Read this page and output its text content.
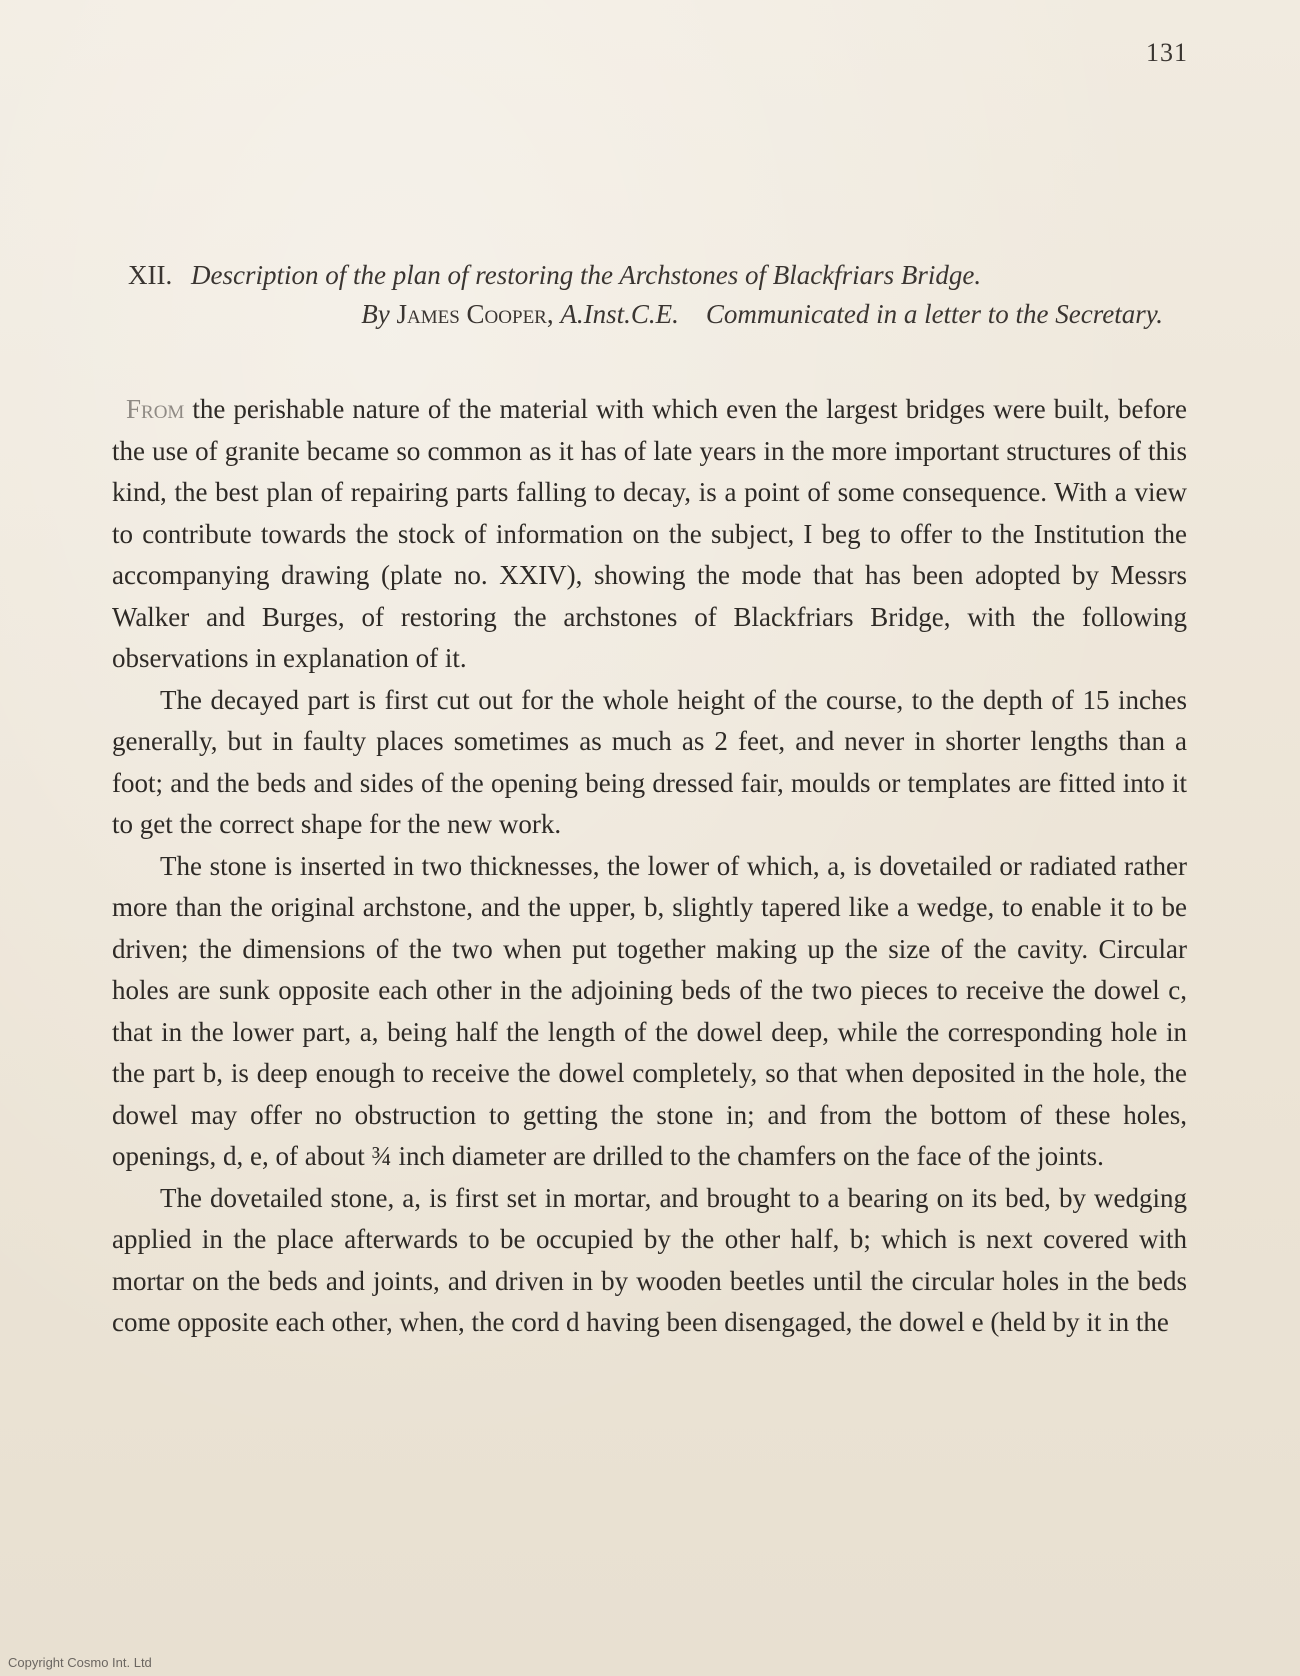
131
XII. Description of the plan of restoring the Archstones of Blackfriars Bridge.
By James Cooper, A.Inst.C.E. Communicated in a letter to the Secretary.

From the perishable nature of the material with which even the largest bridges were built, before the use of granite became so common as it has of late years in the more important structures of this kind, the best plan of repairing parts falling to decay, is a point of some consequence. With a view to contribute towards the stock of information on the subject, I beg to offer to the Institution the accompanying drawing (plate no. XXIV), showing the mode that has been adopted by Messrs Walker and Burges, of restoring the archstones of Blackfriars Bridge, with the following observations in explanation of it.

The decayed part is first cut out for the whole height of the course, to the depth of 15 inches generally, but in faulty places sometimes as much as 2 feet, and never in shorter lengths than a foot; and the beds and sides of the opening being dressed fair, moulds or templates are fitted into it to get the correct shape for the new work.

The stone is inserted in two thicknesses, the lower of which, a, is dovetailed or radiated rather more than the original archstone, and the upper, b, slightly tapered like a wedge, to enable it to be driven; the dimensions of the two when put together making up the size of the cavity. Circular holes are sunk opposite each other in the adjoining beds of the two pieces to receive the dowel c, that in the lower part, a, being half the length of the dowel deep, while the corresponding hole in the part b, is deep enough to receive the dowel completely, so that when deposited in the hole, the dowel may offer no obstruction to getting the stone in; and from the bottom of these holes, openings, d, e, of about ¾ inch diameter are drilled to the chamfers on the face of the joints.

The dovetailed stone, a, is first set in mortar, and brought to a bearing on its bed, by wedging applied in the place afterwards to be occupied by the other half, b; which is next covered with mortar on the beds and joints, and driven in by wooden beetles until the circular holes in the beds come opposite each other, when, the cord d having been disengaged, the dowel e (held by it in the

Copyright Cosmo Int. Ltd
